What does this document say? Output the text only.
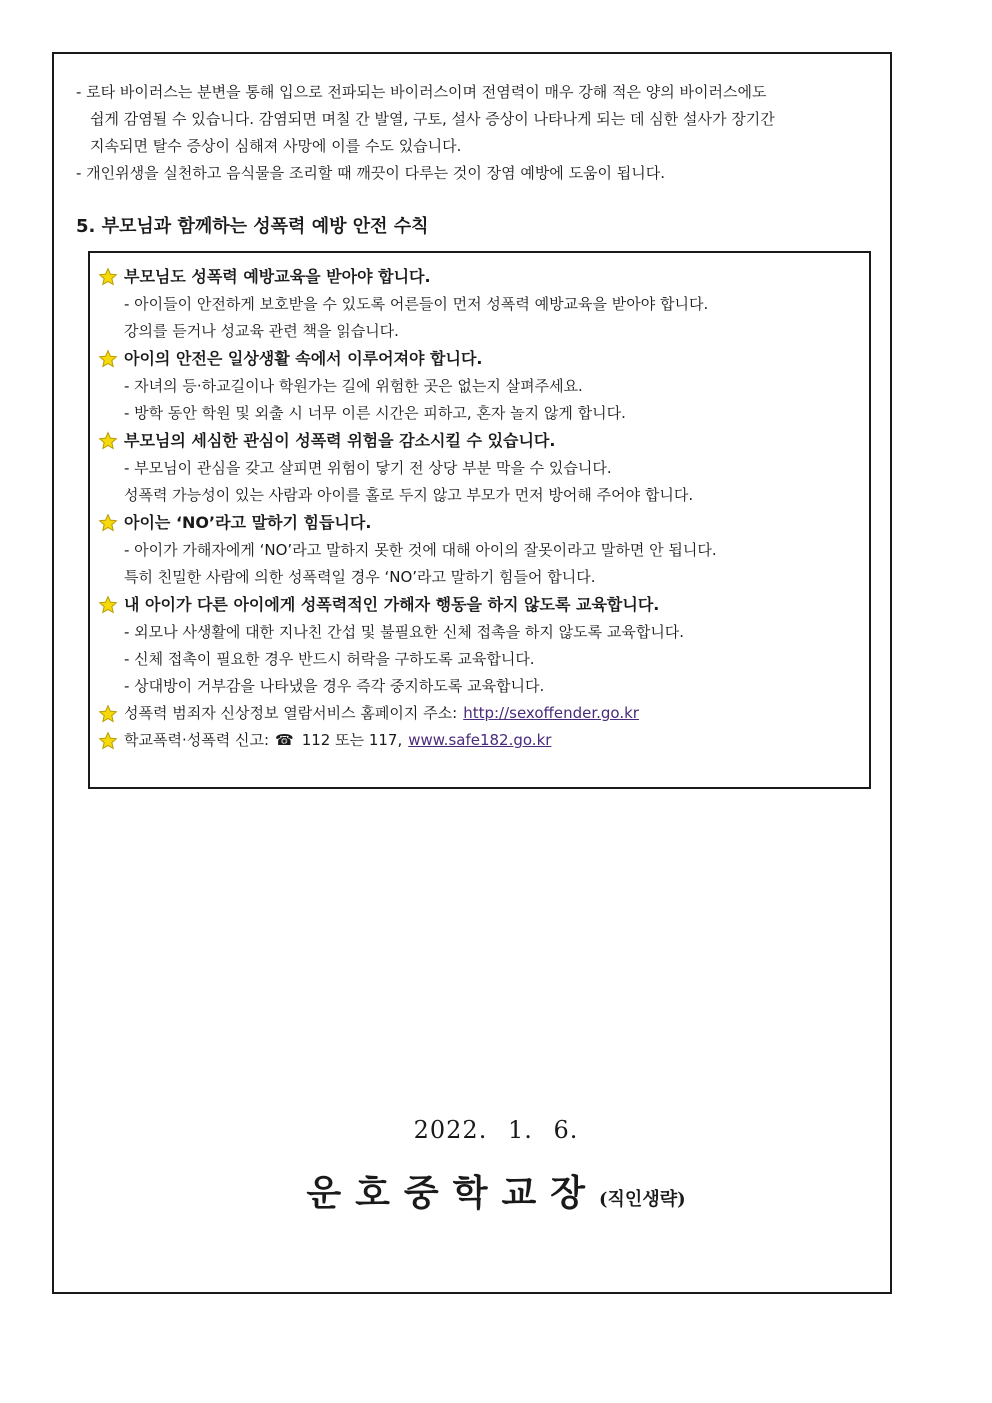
- 로타 바이러스는 분변을 통해 입으로 전파되는 바이러스이며 전염력이 매우 강해 적은 양의 바이러스에도

쉽게 감염될 수 있습니다. 감염되면 며칠 간 발열, 구토, 설사 증상이 나타나게 되는 데 심한 설사가 장기간

지속되면 탈수 증상이 심해져 사망에 이를 수도 있습니다.

- 개인위생을 실천하고 음식물을 조리할 때 깨끗이 다루는 것이 장염 예방에 도움이 됩니다.

5. 부모님과 함께하는 성폭력 예방 안전 수칙
부모님도 성폭력 예방교육을 받아야 합니다.
- 아이들이 안전하게 보호받을 수 있도록 어른들이 먼저 성폭력 예방교육을 받아야 합니다.
강의를 듣거나 성교육 관련 책을 읽습니다.
아이의 안전은 일상생활 속에서 이루어져야 합니다.
- 자녀의 등·하교길이나 학원가는 길에 위험한 곳은 없는지 살펴주세요.
- 방학 동안 학원 및 외출 시 너무 이른 시간은 피하고, 혼자 놀지 않게 합니다.
부모님의 세심한 관심이 성폭력 위험을 감소시킬 수 있습니다.
- 부모님이 관심을 갖고 살피면 위험이 닿기 전 상당 부분 막을 수 있습니다.
성폭력 가능성이 있는 사람과 아이를 홀로 두지 않고 부모가 먼저 방어해 주어야 합니다.
아이는 ‘NO’라고 말하기 힘듭니다.
- 아이가 가해자에게 ‘NO’라고 말하지 못한 것에 대해 아이의 잘못이라고 말하면 안 됩니다.
특히 친밀한 사람에 의한 성폭력일 경우 ‘NO’라고 말하기 힘들어 합니다.
내 아이가 다른 아이에게 성폭력적인 가해자 행동을 하지 않도록 교육합니다.
- 외모나 사생활에 대한 지나친 간섭 및 불필요한 신체 접촉을 하지 않도록 교육합니다.
- 신체 접촉이 필요한 경우 반드시 허락을 구하도록 교육합니다.
- 상대방이 거부감을 나타냈을 경우 즉각 중지하도록 교육합니다.
성폭력 범죄자 신상정보 열람서비스 홈페이지 주소: http://sexoffender.go.kr
학교폭력·성폭력 신고: ☎ 112 또는 117, www.safe182.go.kr
2022. 1. 6.
운호중학교장(직인생략)
